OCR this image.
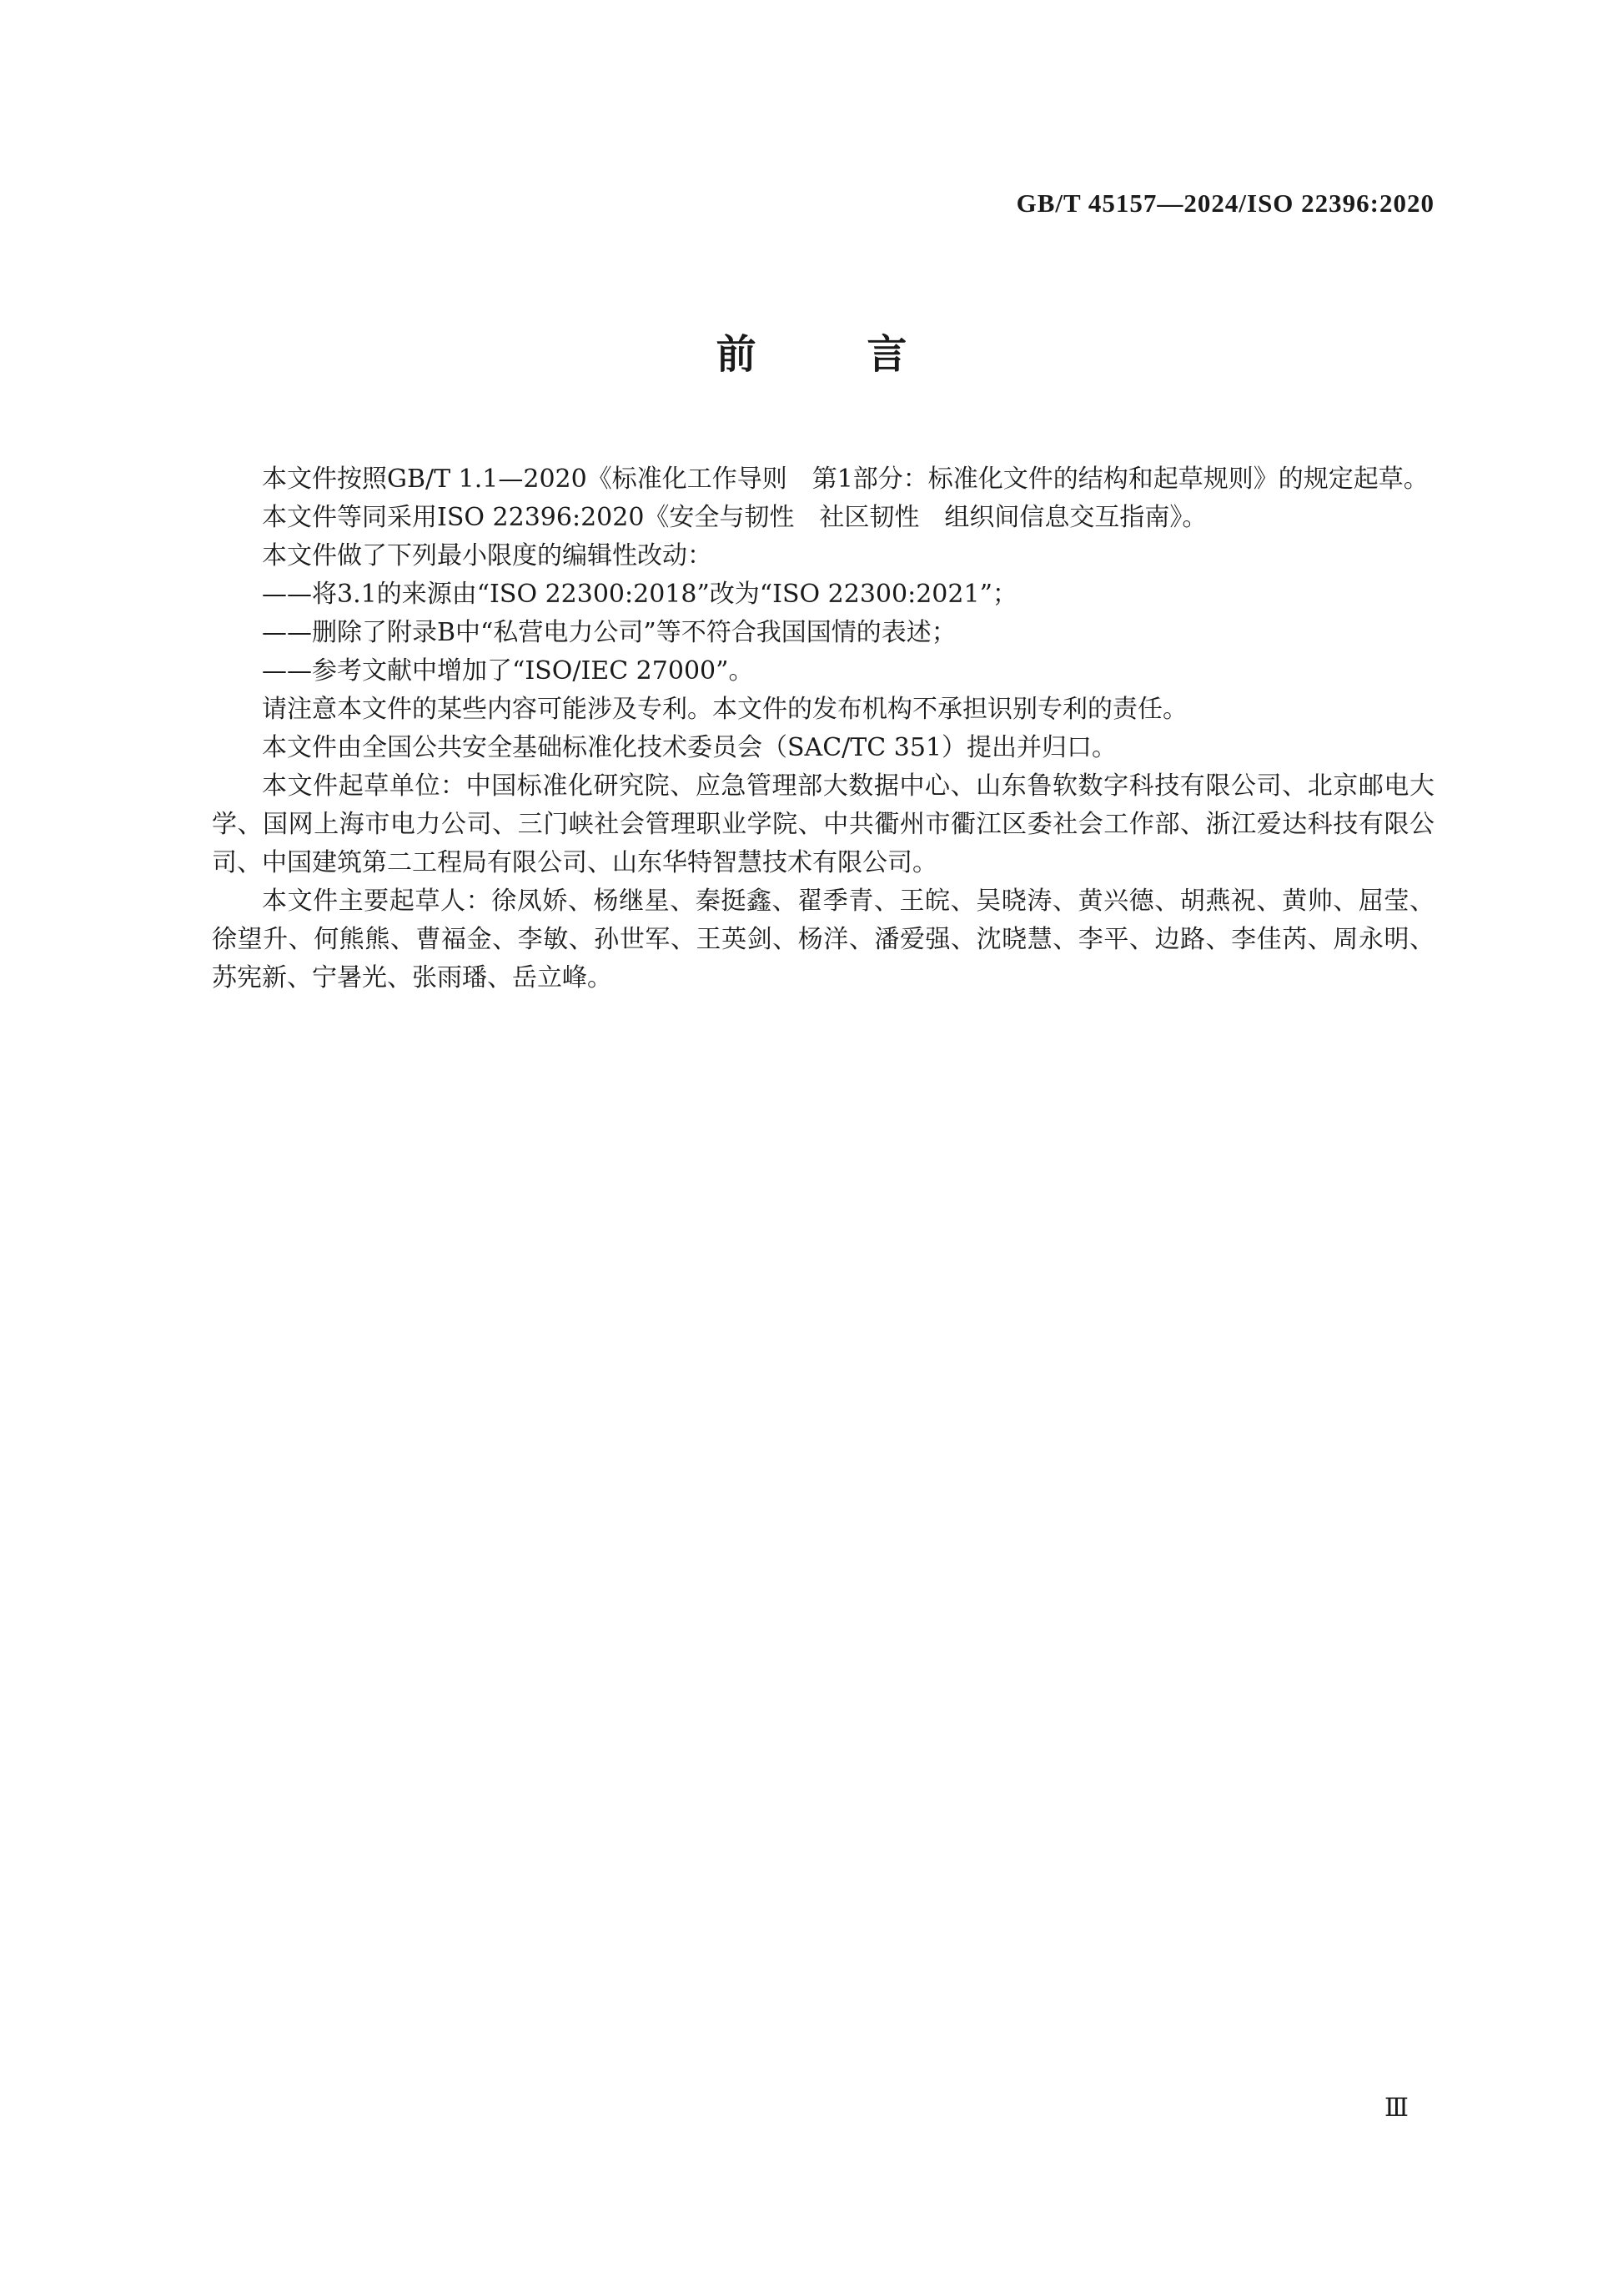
GB/T 45157—2024/ISO 22396:2020
前 言

本文件按照GB/T 1.1—2020《标准化工作导则　第1部分：标准化文件的结构和起草规则》的规定起草。

本文件等同采用ISO 22396:2020《安全与韧性　社区韧性　组织间信息交互指南》。

本文件做了下列最小限度的编辑性改动：

——将3.1的来源由“ISO 22300:2018”改为“ISO 22300:2021”；

——删除了附录B中“私营电力公司”等不符合我国国情的表述；

——参考文献中增加了“ISO/IEC 27000”。

请注意本文件的某些内容可能涉及专利。本文件的发布机构不承担识别专利的责任。

本文件由全国公共安全基础标准化技术委员会（SAC/TC 351）提出并归口。

本文件起草单位：中国标准化研究院、应急管理部大数据中心、山东鲁软数字科技有限公司、北京邮电大学、国网上海市电力公司、三门峡社会管理职业学院、中共衢州市衢江区委社会工作部、浙江爱达科技有限公司、中国建筑第二工程局有限公司、山东华特智慧技术有限公司。

本文件主要起草人：徐凤娇、杨继星、秦挺鑫、翟季青、王皖、吴晓涛、黄兴德、胡燕祝、黄帅、屈莹、徐望升、何熊熊、曹福金、李敏、孙世军、王英剑、杨洋、潘爱强、沈晓慧、李平、边路、李佳芮、周永明、苏宪新、宁暑光、张雨璠、岳立峰。

Ⅲ
